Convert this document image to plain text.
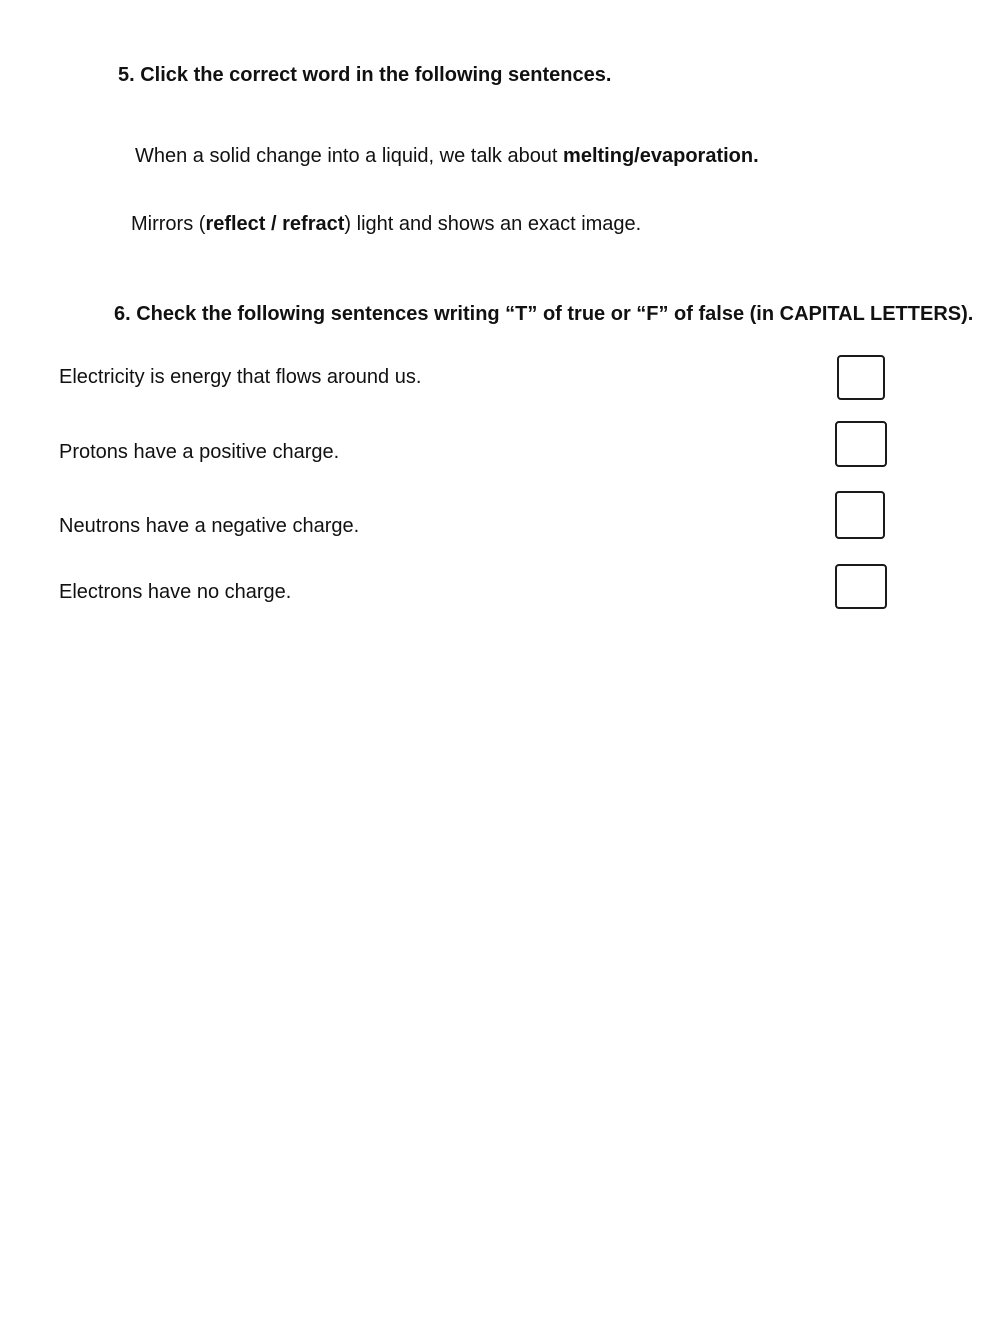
5. Click the correct word in the following sentences.
When a solid change into a liquid, we talk about melting/evaporation.
Mirrors (reflect / refract) light and shows an exact image.
6. Check the following sentences writing “T” of true or “F” of false (in CAPITAL LETTERS).
Electricity is energy that flows around us.
Protons have a positive charge.
Neutrons have a negative charge.
Electrons have no charge.
